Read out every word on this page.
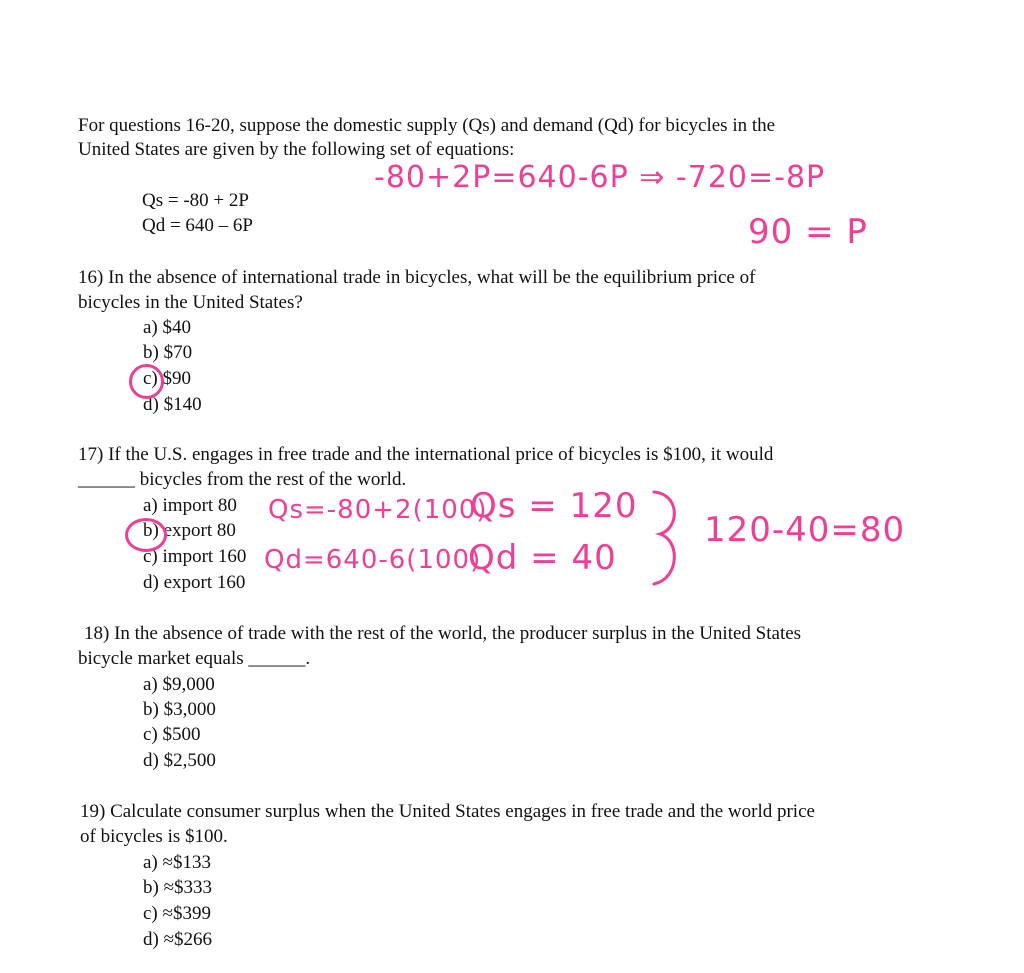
For questions 16-20, suppose the domestic supply (Qs) and demand (Qd) for bicycles in the
United States are given by the following set of equations:
Qs = -80 + 2P
Qd = 640 – 6P
16) In the absence of international trade in bicycles, what will be the equilibrium price of
bicycles in the United States?
a) $40
b) $70
c) $90
d) $140
17) If the U.S. engages in free trade and the international price of bicycles is $100, it would
______ bicycles from the rest of the world.
a) import 80
b) export 80
c) import 160
d) export 160
18) In the absence of trade with the rest of the world, the producer surplus in the United States
bicycle market equals ______.
a) $9,000
b) $3,000
c) $500
d) $2,500
19) Calculate consumer surplus when the United States engages in free trade and the world price
of bicycles is $100.
a) ≈$133
b) ≈$333
c) ≈$399
d) ≈$266
-80+2P=640-6P ⇒ -720=-8P
90 = P
Qs=-80+2(100)
Qs = 120
Qd=640-6(100)
Qd = 40
120-40=80
